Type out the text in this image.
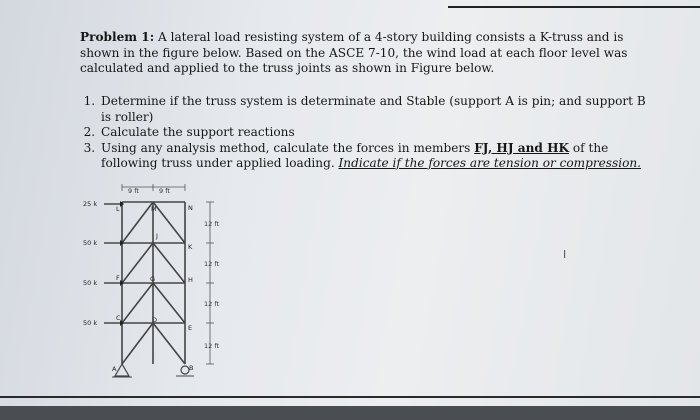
Problem 1: A lateral load resisting system of a 4-story building consists a K-truss and is shown in the figure below. Based on the ASCE 7-10, the wind load at each floor level was calculated and applied to the truss joints as shown in Figure below.
1. Determine if the truss system is determinate and Stable (support A is pin; and support B is roller)
2. Calculate the support reactions
3. Using any analysis method, calculate the forces in members FJ, HJ and HK of the following truss under applied loading. Indicate if the forces are tension or compression.
I
9 ft	9 ft
12 ft
12 ft
12 ft
12 ft
25 k
50 k
50 k
50 k
L	M	N
J
K
F	G	H
C	D
E
A	B
